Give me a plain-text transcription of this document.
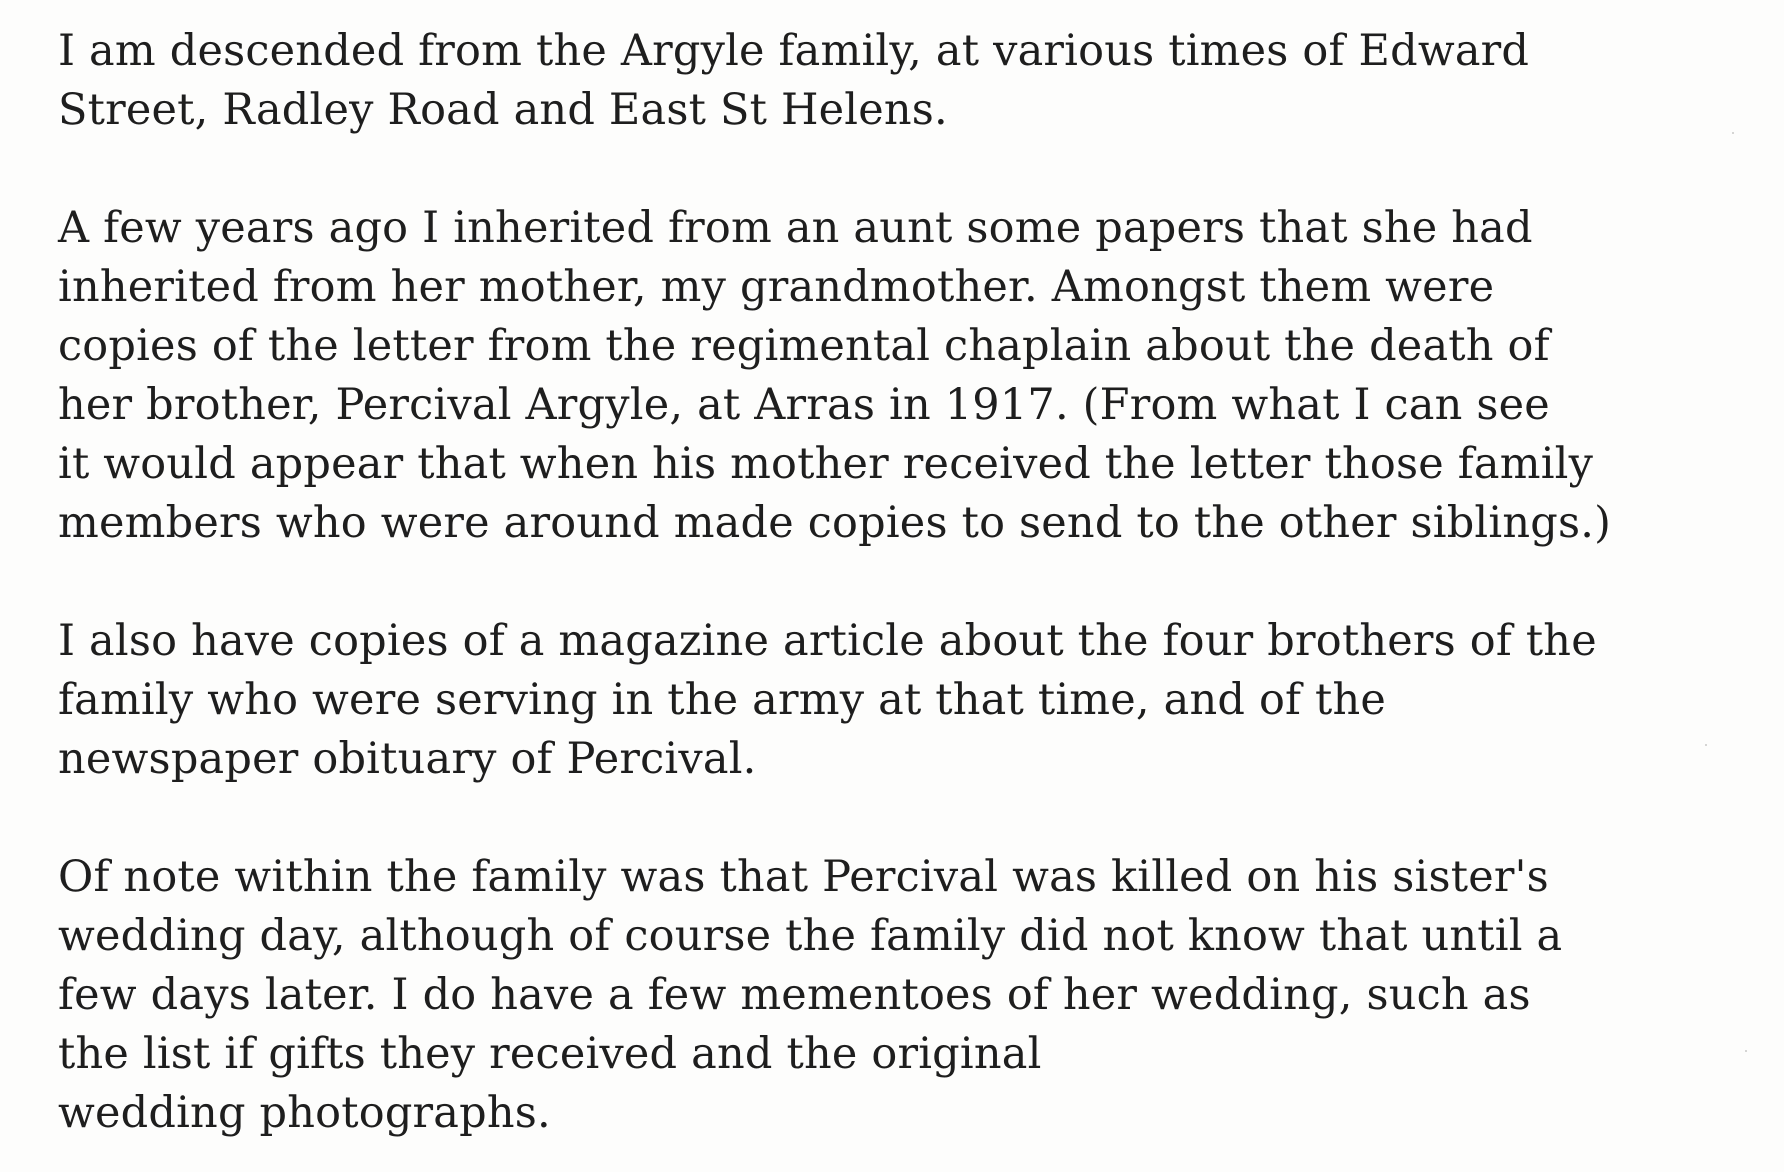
I am descended from the Argyle family, at various times of Edward
Street, Radley Road and East St Helens.

A few years ago I inherited from an aunt some papers that she had
inherited from her mother, my grandmother. Amongst them were
copies of the letter from the regimental chaplain about the death of
her brother, Percival Argyle, at Arras in 1917. (From what I can see
it would appear that when his mother received the letter those family
members who were around made copies to send to the other siblings.)

I also have copies of a magazine article about the four brothers of the
family who were serving in the army at that time, and of the
newspaper obituary of Percival.

Of note within the family was that Percival was killed on his sister's
wedding day, although of course the family did not know that until a
few days later. I do have a few mementoes of her wedding, such as
the list if gifts they received and the original
wedding photographs.
